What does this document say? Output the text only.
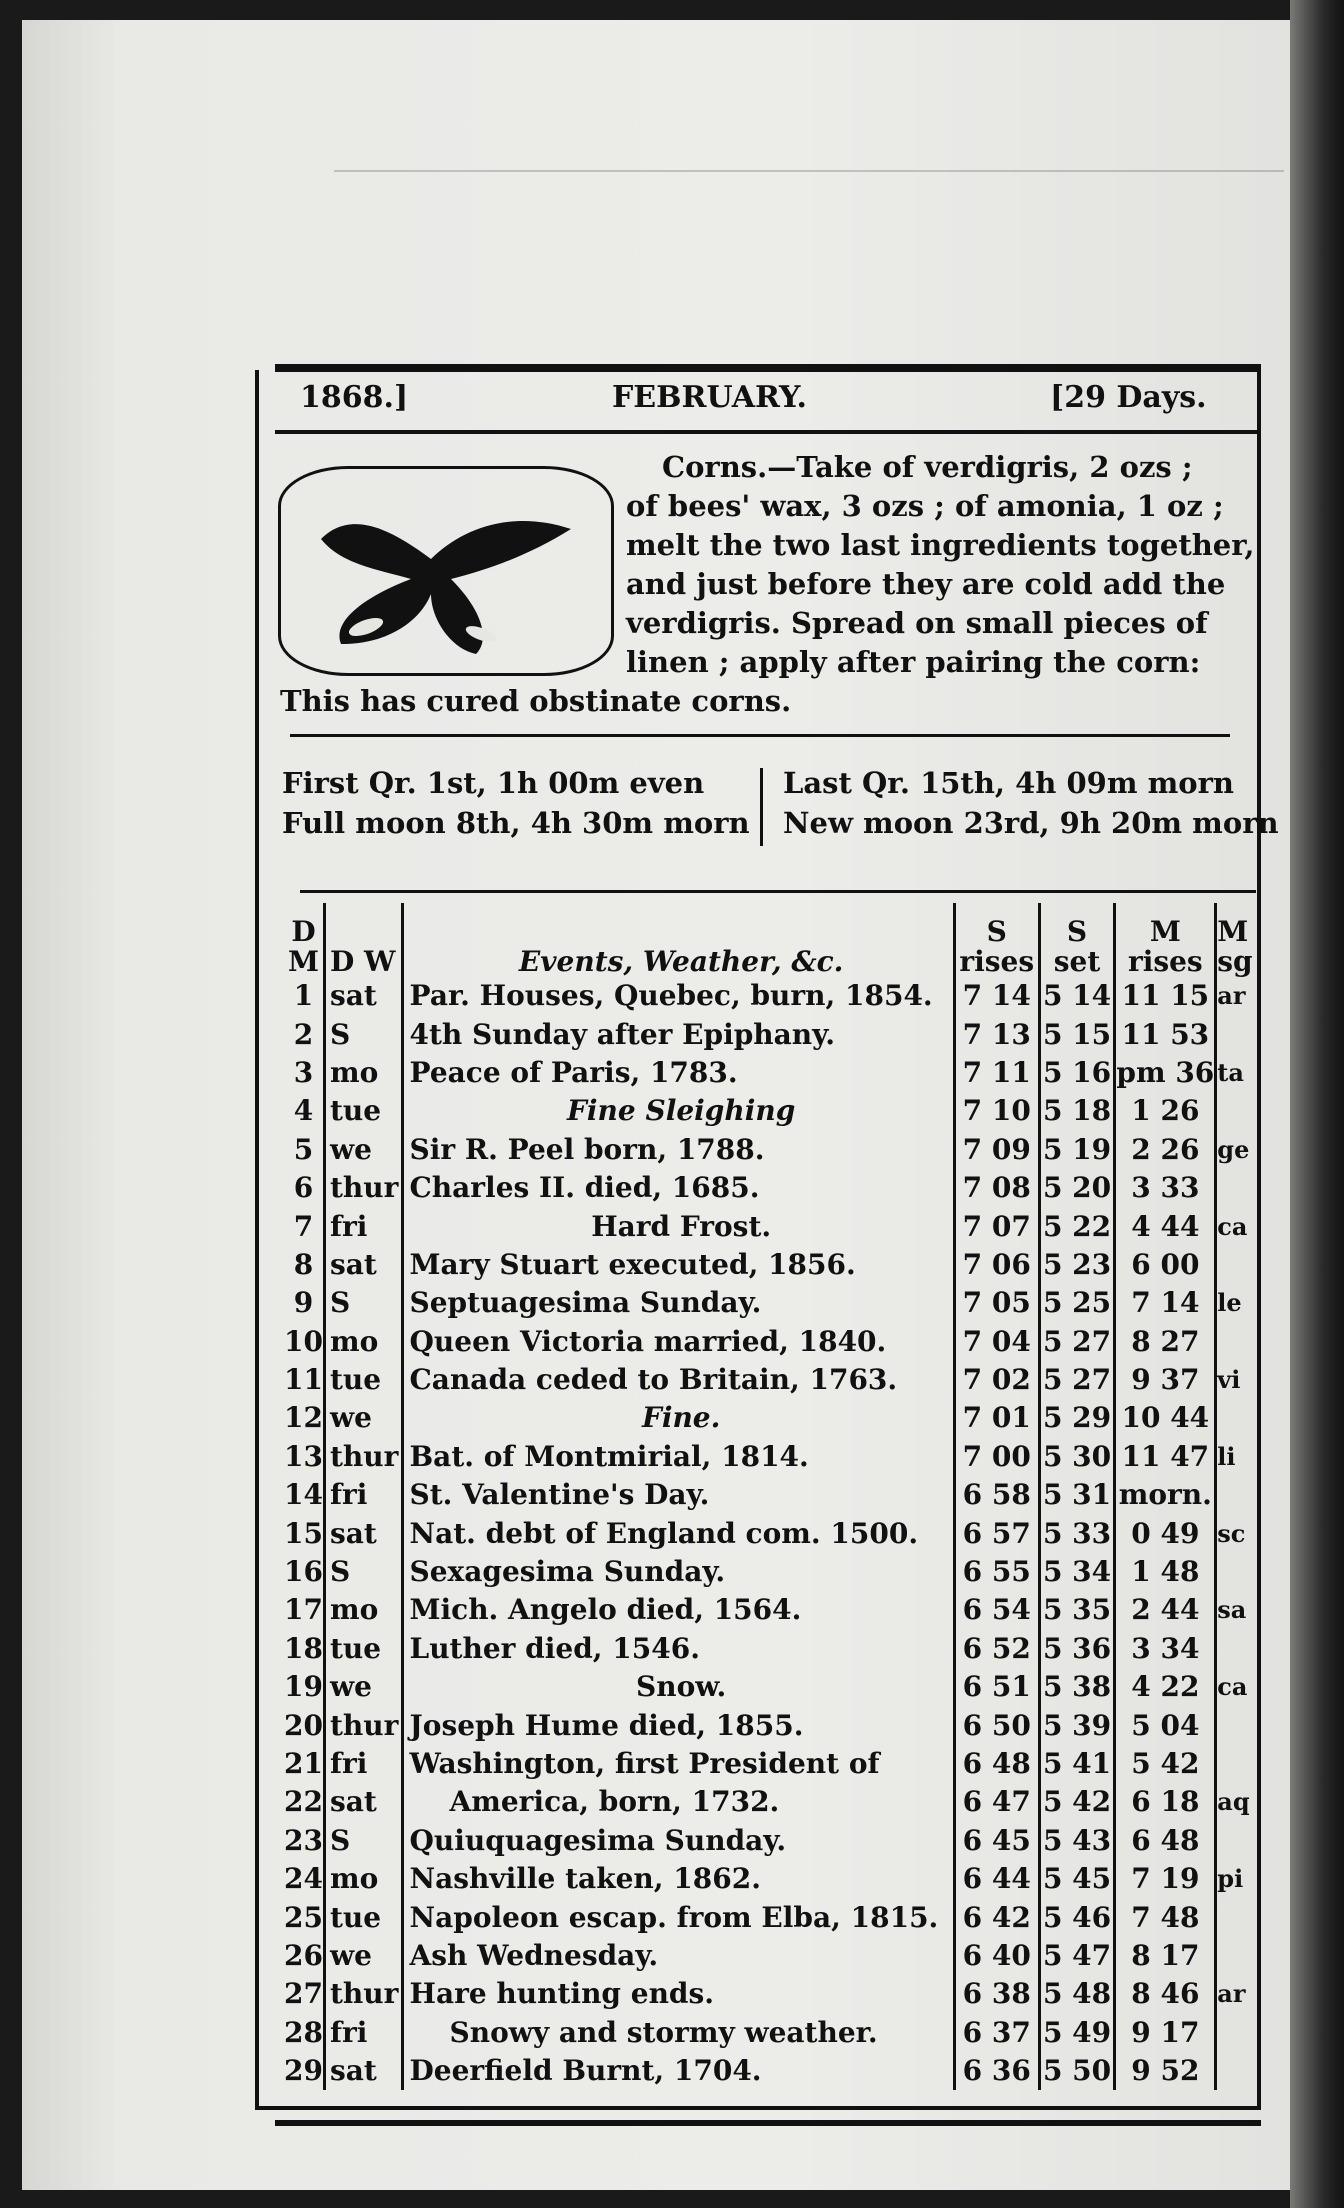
1868.]	FEBRUARY.	[29 Days.
Corns.—Take of verdigris, 2 ozs ;
of bees' wax, 3 ozs ; of amonia, 1 oz ;
melt the two last ingredients together,
and just before they are cold add the
verdigris. Spread on small pieces of
linen ; apply after pairing the corn:
This has cured obstinate corns.
First Qr. 1st, 1h 00m even
Full moon 8th, 4h 30m morn
Last Qr. 15th, 4h 09m morn
New moon 23rd, 9h 20m morn
D M	D W	Events, Weather, &c.	S rises	S set	M rises	M sg
1	sat	Par. Houses, Quebec, burn, 1854.	7 14	5 14	11 15	ar
2	S	4th Sunday after Epiphany.	7 13	5 15	11 53	
3	mo	Peace of Paris, 1783.	7 11	5 16	pm 36	ta
4	tue	Fine Sleighing	7 10	5 18	1 26	
5	we	Sir R. Peel born, 1788.	7 09	5 19	2 26	ge
6	thur	Charles II. died, 1685.	7 08	5 20	3 33	
7	fri	Hard Frost.	7 07	5 22	4 44	ca
8	sat	Mary Stuart executed, 1856.	7 06	5 23	6 00	
9	S	Septuagesima Sunday.	7 05	5 25	7 14	le
10	mo	Queen Victoria married, 1840.	7 04	5 27	8 27	
11	tue	Canada ceded to Britain, 1763.	7 02	5 27	9 37	vi
12	we	Fine.	7 01	5 29	10 44	
13	thur	Bat. of Montmirial, 1814.	7 00	5 30	11 47	li
14	fri	St. Valentine's Day.	6 58	5 31	morn.	
15	sat	Nat. debt of England com. 1500.	6 57	5 33	0 49	sc
16	S	Sexagesima Sunday.	6 55	5 34	1 48	
17	mo	Mich. Angelo died, 1564.	6 54	5 35	2 44	sa
18	tue	Luther died, 1546.	6 52	5 36	3 34	
19	we	Snow.	6 51	5 38	4 22	ca
20	thur	Joseph Hume died, 1855.	6 50	5 39	5 04	
21	fri	Washington, first President of	6 48	5 41	5 42	
22	sat	America, born, 1732.	6 47	5 42	6 18	aq
23	S	Quiuquagesima Sunday.	6 45	5 43	6 48	
24	mo	Nashville taken, 1862.	6 44	5 45	7 19	pi
25	tue	Napoleon escap. from Elba, 1815.	6 42	5 46	7 48	
26	we	Ash Wednesday.	6 40	5 47	8 17	
27	thur	Hare hunting ends.	6 38	5 48	8 46	ar
28	fri	Snowy and stormy weather.	6 37	5 49	9 17	
29	sat	Deerfield Burnt, 1704.	6 36	5 50	9 52	
